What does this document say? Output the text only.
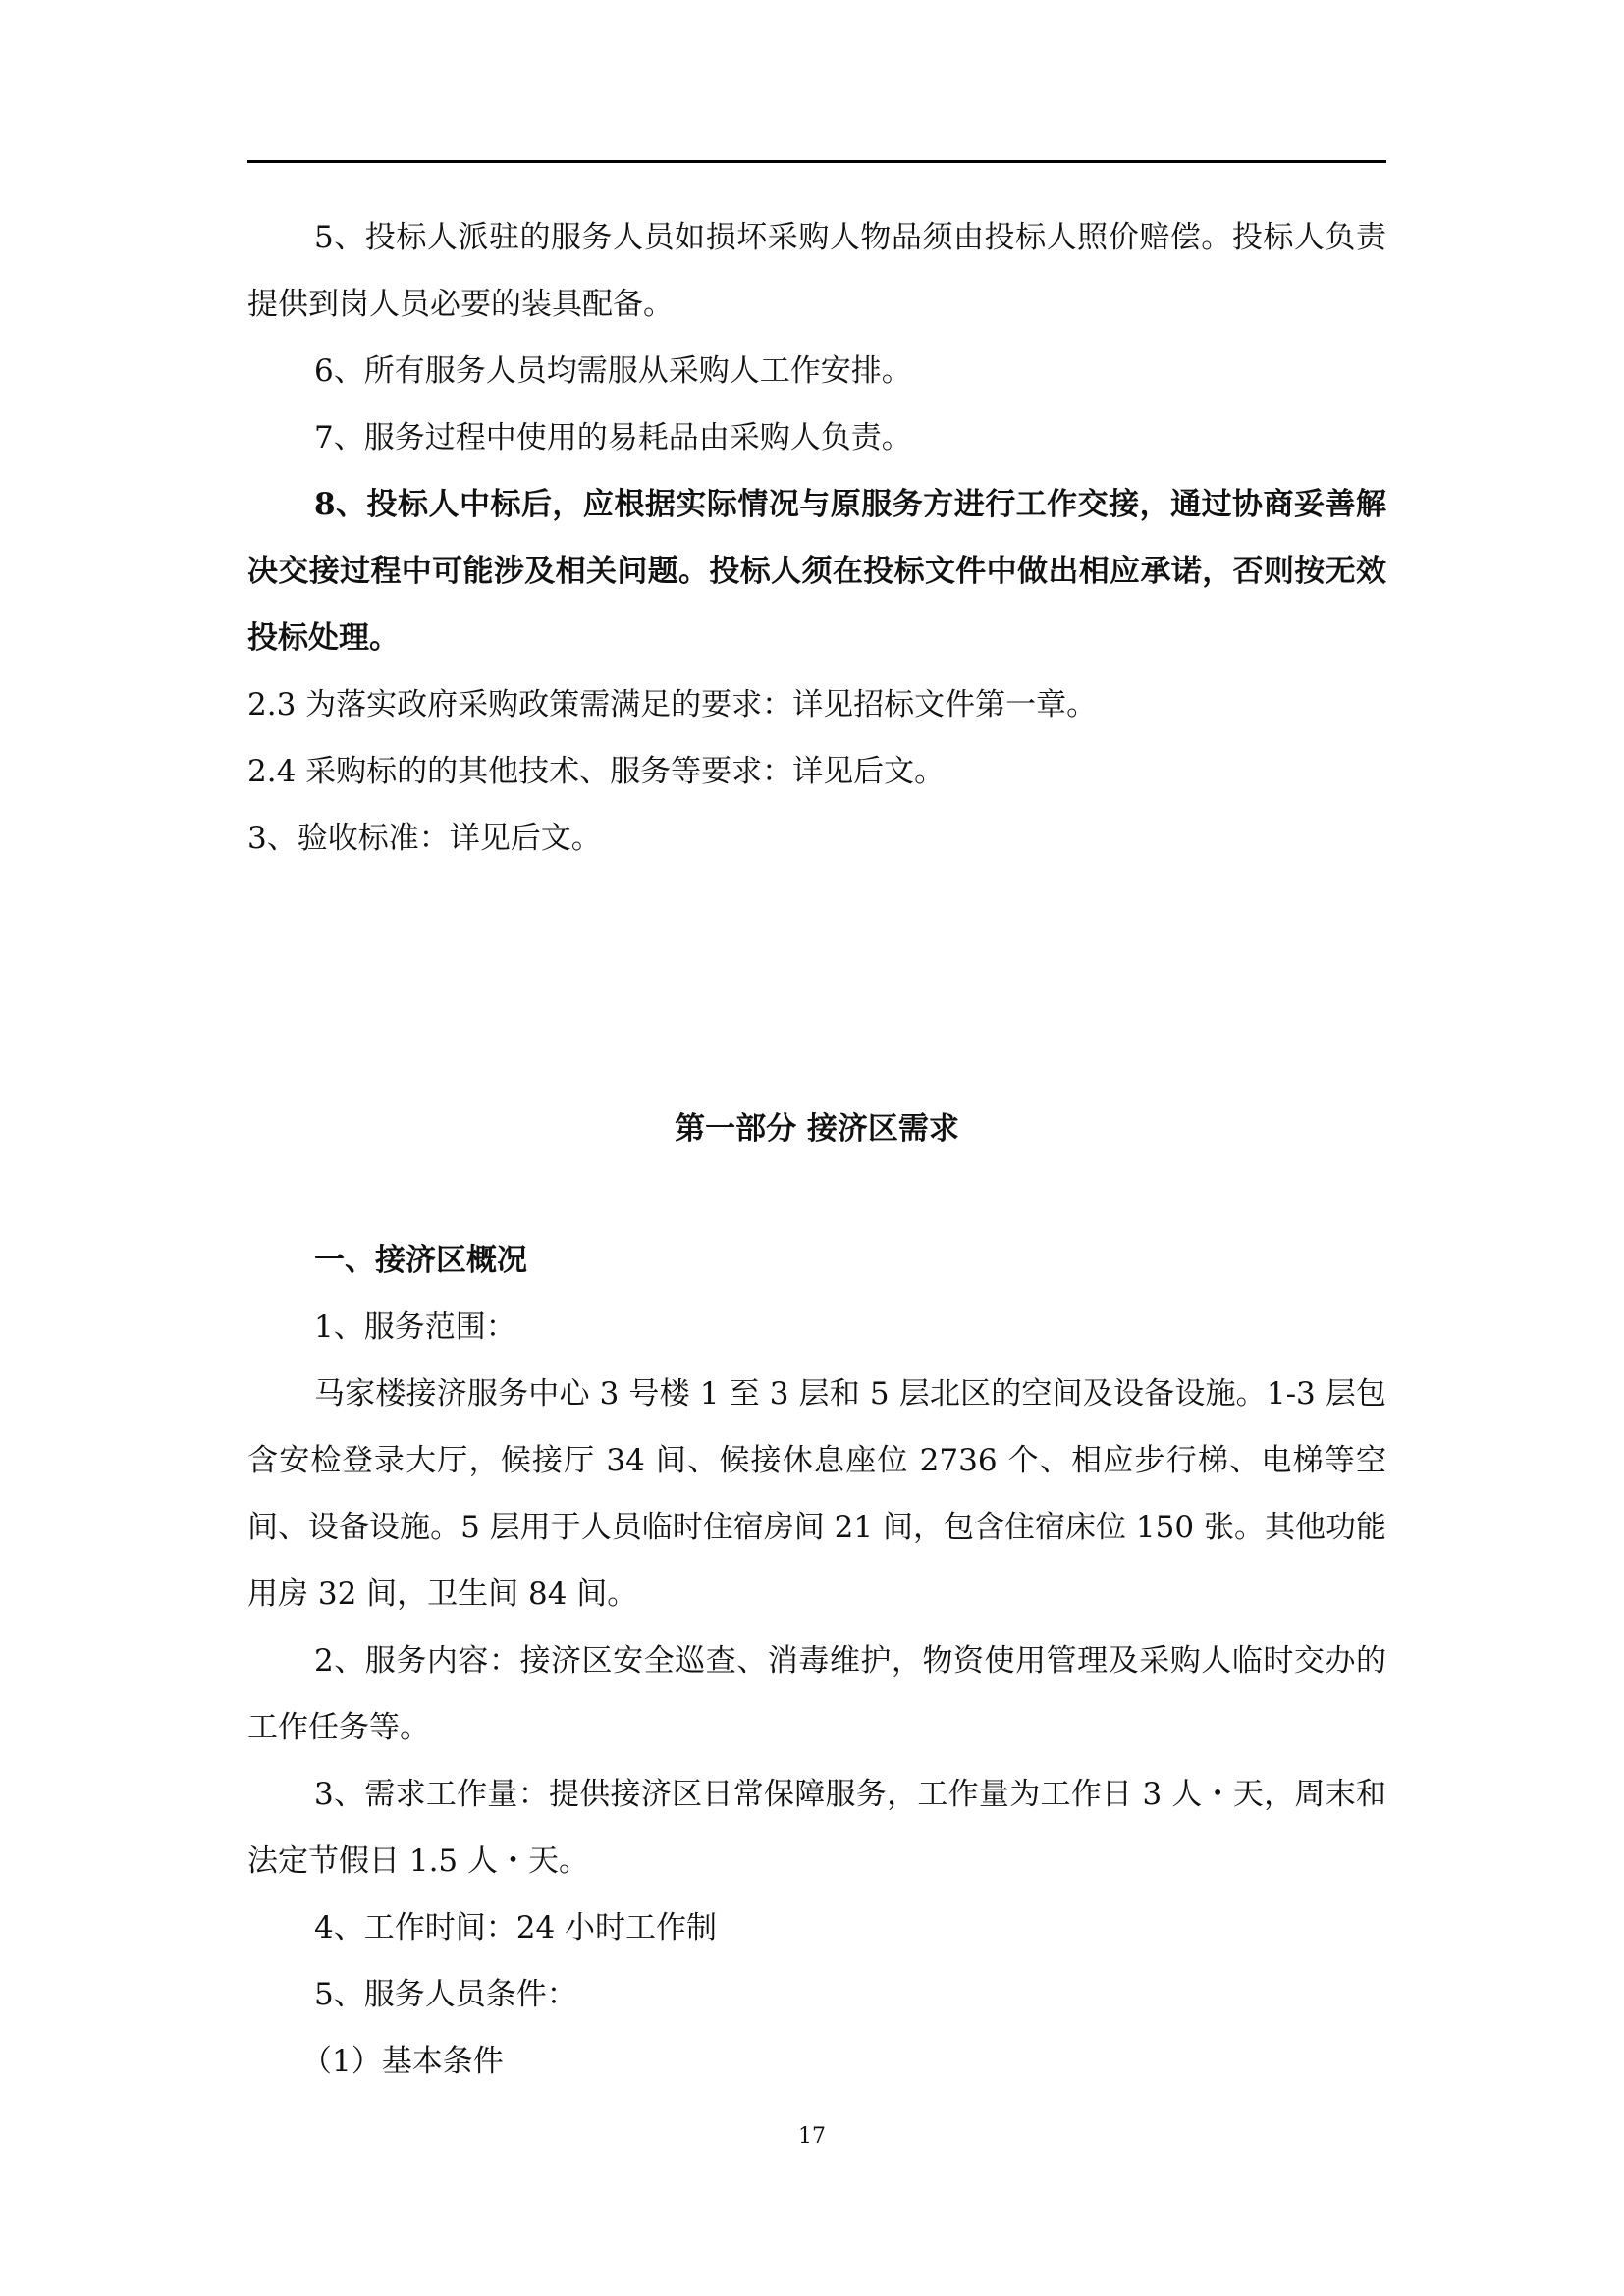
5、投标人派驻的服务人员如损坏采购人物品须由投标人照价赔偿。投标人负责提供到岗人员必要的装具配备。

6、所有服务人员均需服从采购人工作安排。

7、服务过程中使用的易耗品由采购人负责。

8、投标人中标后，应根据实际情况与原服务方进行工作交接，通过协商妥善解决交接过程中可能涉及相关问题。投标人须在投标文件中做出相应承诺，否则按无效投标处理。

2.3 为落实政府采购政策需满足的要求：详见招标文件第一章。

2.4 采购标的的其他技术、服务等要求：详见后文。

3、验收标准：详见后文。

第一部分 接济区需求

一、接济区概况

1、服务范围：

马家楼接济服务中心 3 号楼 1 至 3 层和 5 层北区的空间及设备设施。1-3 层包含安检登录大厅，候接厅 34 间、候接休息座位 2736 个、相应步行梯、电梯等空间、设备设施。5 层用于人员临时住宿房间 21 间，包含住宿床位 150 张。其他功能用房 32 间，卫生间 84 间。

2、服务内容：接济区安全巡查、消毒维护，物资使用管理及采购人临时交办的工作任务等。

3、需求工作量：提供接济区日常保障服务，工作量为工作日 3 人・天，周末和法定节假日 1.5 人・天。

4、工作时间：24 小时工作制

5、服务人员条件：

（1）基本条件

17
